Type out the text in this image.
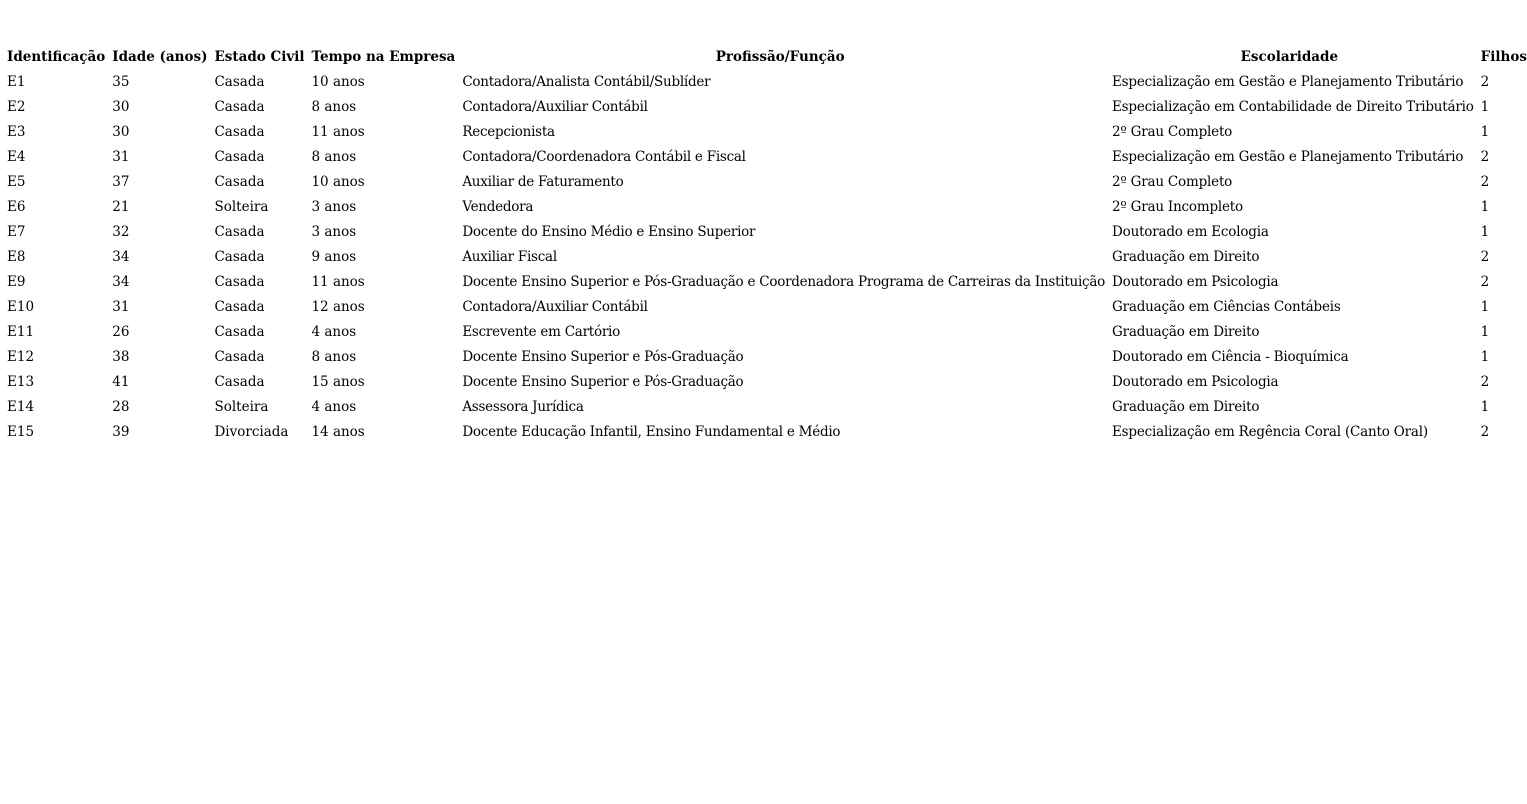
Identificação	Idade (anos)	Estado Civil	Tempo na Empresa	Profissão/Função	Escolaridade	Filhos
E1	35	Casada	10 anos	Contadora/Analista Contábil/Sublíder	Especialização em Gestão e Planejamento Tributário	2
E2	30	Casada	8 anos	Contadora/Auxiliar Contábil	Especialização em Contabilidade de Direito Tributário	1
E3	30	Casada	11 anos	Recepcionista	2º Grau Completo	1
E4	31	Casada	8 anos	Contadora/Coordenadora Contábil e Fiscal	Especialização em Gestão e Planejamento Tributário	2
E5	37	Casada	10 anos	Auxiliar de Faturamento	2º Grau Completo	2
E6	21	Solteira	3 anos	Vendedora	2º Grau Incompleto	1
E7	32	Casada	3 anos	Docente do Ensino Médio e Ensino Superior	Doutorado em Ecologia	1
E8	34	Casada	9 anos	Auxiliar Fiscal	Graduação em Direito	2
E9	34	Casada	11 anos	Docente Ensino Superior e Pós-Graduação e Coordenadora Programa de Carreiras da Instituição	Doutorado em Psicologia	2
E10	31	Casada	12 anos	Contadora/Auxiliar Contábil	Graduação em Ciências Contábeis	1
E11	26	Casada	4 anos	Escrevente em Cartório	Graduação em Direito	1
E12	38	Casada	8 anos	Docente Ensino Superior e Pós-Graduação	Doutorado em Ciência - Bioquímica	1
E13	41	Casada	15 anos	Docente Ensino Superior e Pós-Graduação	Doutorado em Psicologia	2
E14	28	Solteira	4 anos	Assessora Jurídica	Graduação em Direito	1
E15	39	Divorciada	14 anos	Docente Educação Infantil, Ensino Fundamental e Médio	Especialização em Regência Coral (Canto Oral)	2
